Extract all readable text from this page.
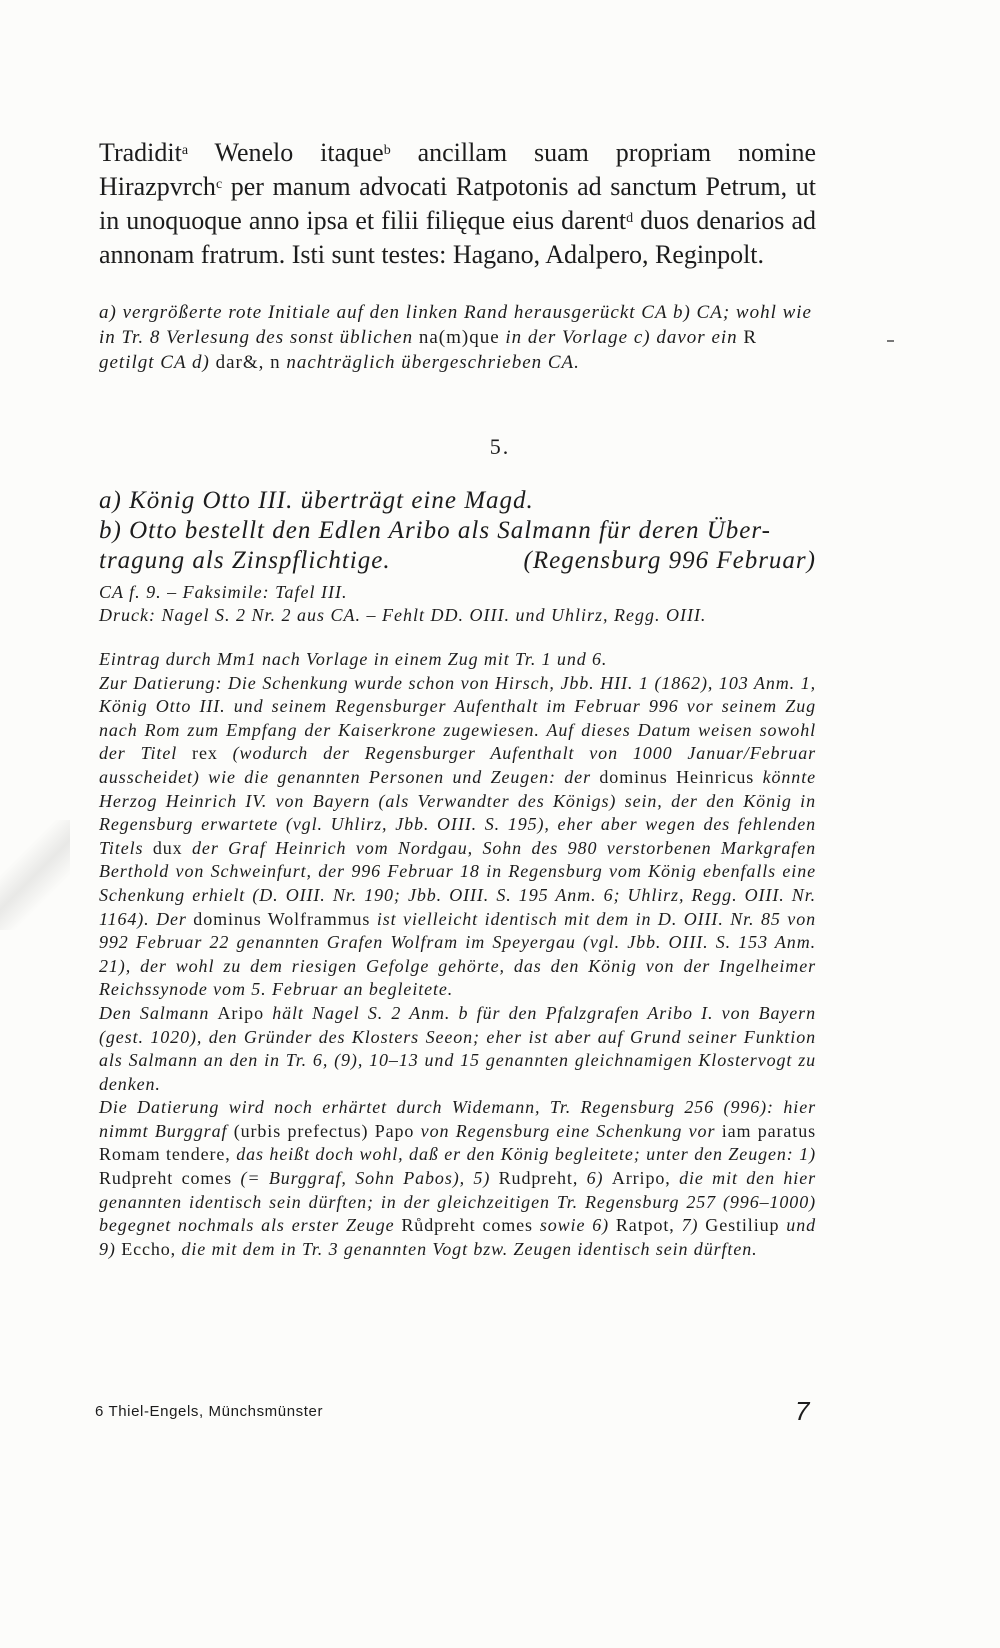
Tradidit$^a$ Wenelo itaque$^b$ ancillam suam propriam nomine Hirazpvrch$^c$ per manum advocati Ratpotonis ad sanctum Petrum, ut in unoquoque anno ipsa et filii filięque eius darent$^d$ duos denarios ad annonam fratrum. Isti sunt testes: Hagano, Adalpero, Reginpolt.
a) vergrößerte rote Initiale auf den linken Rand herausgerückt CA b) CA; wohl wie in Tr. 8 Verlesung des sonst üblichen na(m)que in der Vorlage c) davor ein R getilgt CA d) dar&, n nachträglich übergeschrieben CA.
5.
a) König Otto III. überträgt eine Magd.
b) Otto bestellt den Edlen Aribo als Salmann für deren Über-
tragung als Zinspflichtige.	(Regensburg 996 Februar)
CA f. 9. – Faksimile: Tafel III.
Druck: Nagel S. 2 Nr. 2 aus CA. – Fehlt DD. OIII. und Uhlirz, Regg. OIII.

Eintrag durch Mm1 nach Vorlage in einem Zug mit Tr. 1 und 6.

Zur Datierung: Die Schenkung wurde schon von Hirsch, Jbb. HII. 1 (1862), 103 Anm. 1, König Otto III. und seinem Regensburger Aufenthalt im Februar 996 vor seinem Zug nach Rom zum Empfang der Kaiserkrone zugewiesen. Auf dieses Datum weisen sowohl der Titel rex (wodurch der Regensburger Aufenthalt von 1000 Januar/Februar ausscheidet) wie die genannten Personen und Zeugen: der dominus Heinricus könnte Herzog Heinrich IV. von Bayern (als Verwandter des Königs) sein, der den König in Regensburg erwartete (vgl. Uhlirz, Jbb. OIII. S. 195), eher aber wegen des fehlenden Titels dux der Graf Heinrich vom Nordgau, Sohn des 980 verstorbenen Markgrafen Berthold von Schweinfurt, der 996 Februar 18 in Regensburg vom König ebenfalls eine Schenkung erhielt (D. OIII. Nr. 190; Jbb. OIII. S. 195 Anm. 6; Uhlirz, Regg. OIII. Nr. 1164). Der dominus Wolframmus ist vielleicht identisch mit dem in D. OIII. Nr. 85 von 992 Februar 22 genannten Grafen Wolfram im Speyergau (vgl. Jbb. OIII. S. 153 Anm. 21), der wohl zu dem riesigen Gefolge gehörte, das den König von der Ingelheimer Reichssynode vom 5. Februar an begleitete.

Den Salmann Aripo hält Nagel S. 2 Anm. b für den Pfalzgrafen Aribo I. von Bayern (gest. 1020), den Gründer des Klosters Seeon; eher ist aber auf Grund seiner Funktion als Salmann an den in Tr. 6, (9), 10–13 und 15 genannten gleichnamigen Klostervogt zu denken.

Die Datierung wird noch erhärtet durch Widemann, Tr. Regensburg 256 (996): hier nimmt Burggraf (urbis prefectus) Papo von Regensburg eine Schenkung vor iam paratus Romam tendere, das heißt doch wohl, daß er den König begleitete; unter den Zeugen: 1) Rudpreht comes (= Burggraf, Sohn Pabos), 5) Rudpreht, 6) Arripo, die mit den hier genannten identisch sein dürften; in der gleichzeitigen Tr. Regensburg 257 (996–1000) begegnet nochmals als erster Zeuge Růdpreht comes sowie 6) Ratpot, 7) Gestiliup und 9) Eccho, die mit dem in Tr. 3 genannten Vogt bzw. Zeugen identisch sein dürften.

6 Thiel-Engels, Münchsmünster	7
